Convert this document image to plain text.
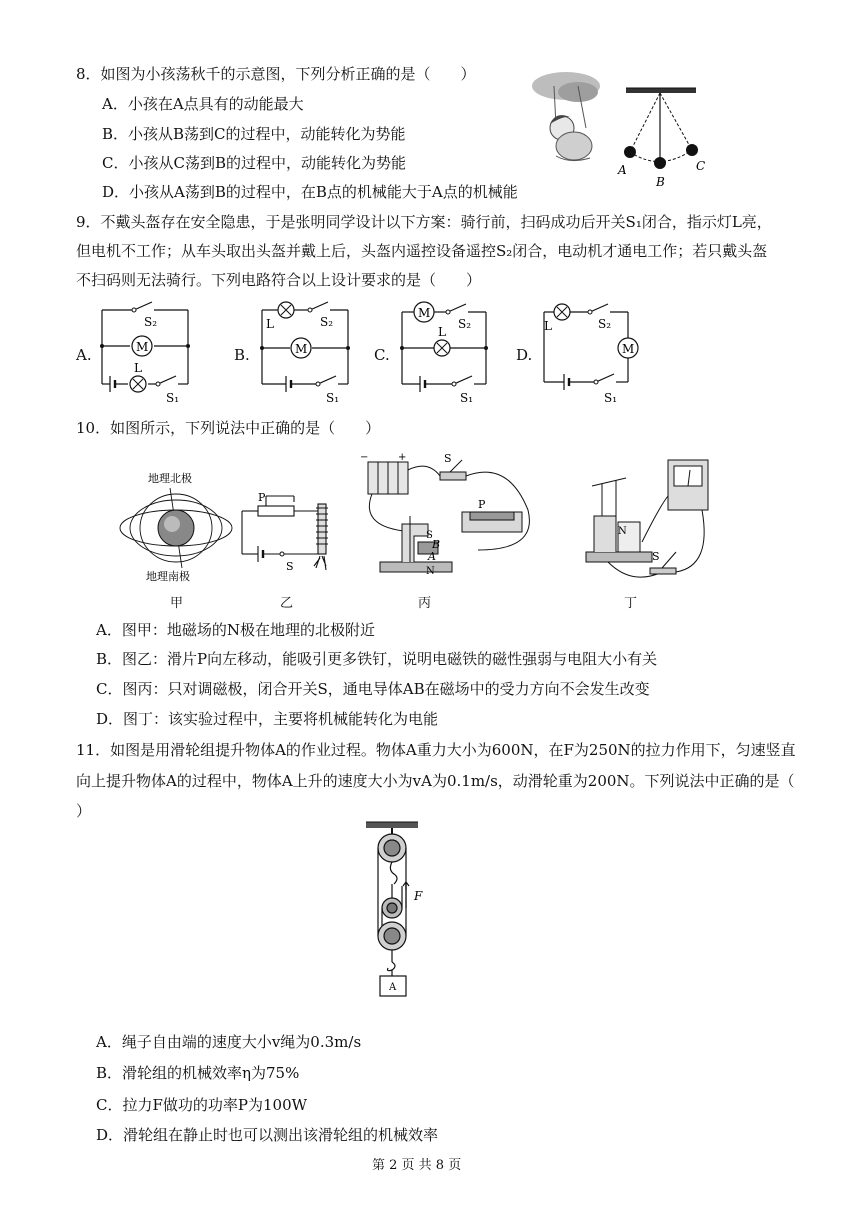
8．如图为小孩荡秋千的示意图，下列分析正确的是（　　）
A．小孩在A点具有的动能最大
B．小孩从B荡到C的过程中，动能转化为势能
C．小孩从C荡到B的过程中，动能转化为势能
D．小孩从A荡到B的过程中，在B点的机械能大于A点的机械能
A
B
C
9．不戴头盔存在安全隐患，于是张明同学设计以下方案：骑行前，扫码成功后开关S₁闭合，指示灯L亮，
但电机不工作；从车头取出头盔并戴上后，头盔内遥控设备遥控S₂闭合，电动机才通电工作；若只戴头盔
不扫码则无法骑行。下列电路符合以上设计要求的是（　　）
A.	M
L
S₂
S₁
B.
L	S₂
M
S₁
C.
M
S₂
L
S₁
D.
L	S₂
M
S₁
10．如图所示，下列说法中正确的是（　　）
地理北极
地理南极
P
S
−	+	S
P
B
A
N
S	N
S
甲	乙	丙	丁
A．图甲：地磁场的N极在地理的北极附近
B．图乙：滑片P向左移动，能吸引更多铁钉，说明电磁铁的磁性强弱与电阻大小有关
C．图丙：只对调磁极，闭合开关S，通电导体AB在磁场中的受力方向不会发生改变
D．图丁：该实验过程中，主要将机械能转化为电能
11．如图是用滑轮组提升物体A的作业过程。物体A重力大小为600N，在F为250N的拉力作用下，匀速竖直
向上提升物体A的过程中，物体A上升的速度大小为vA为0.1m/s，动滑轮重为200N。下列说法中正确的是（
）
F
A
A．绳子自由端的速度大小v绳为0.3m/s
B．滑轮组的机械效率η为75%
C．拉力F做功的功率P为100W
D．滑轮组在静止时也可以测出该滑轮组的机械效率
第 2 页 共 8 页
